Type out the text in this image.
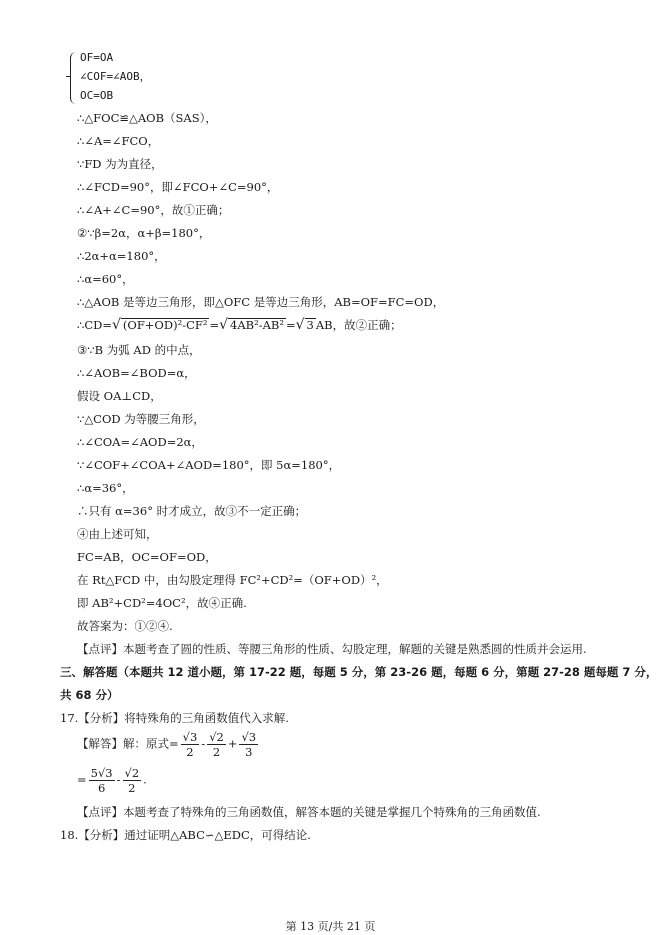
OF=OA
∠COF=∠AOB，
OC=OB
∴△FOC≌△AOB（SAS），
∴∠A=∠FCO，
∵FD 为为直径，
∴∠FCD=90°，即∠FCO+∠C=90°，
∴∠A+∠C=90°，故①正确；
②∵β=2α，α+β=180°，
∴2α+α=180°，
∴α=60°，
∴△AOB 是等边三角形，即△OFC 是等边三角形，AB=OF=FC=OD，
∴CD=√ (OF+OD)²-CF² =√ 4AB²-AB² =√ 3 AB，故②正确；
③∵B 为弧 AD 的中点，
∴∠AOB=∠BOD=α，
假设 OA⊥CD，
∵△COD 为等腰三角形，
∴∠COA=∠AOD=2α，
∵∠COF+∠COA+∠AOD=180°，即 5α=180°，
∴α=36°，
∴只有 α=36° 时才成立，故③不一定正确；
④由上述可知，
FC=AB，OC=OF=OD，
在 Rt△FCD 中，由勾股定理得 FC²+CD²=（OF+OD）²，
即 AB²+CD²=4OC²，故④正确.
故答案为：①②④.
【点评】本题考查了圆的性质、等腰三角形的性质、勾股定理，解题的关键是熟悉圆的性质并会运用.
三、解答题（本题共 12 道小题，第 17-22 题，每题 5 分，第 23-26 题，每题 6 分，第题 27-28 题每题 7 分，
共 68 分）
17.【分析】将特殊角的三角函数值代入求解.
【解答】解：原式= $\frac{√3}{2} - \frac{√2}{2} + \frac{√3}{3}$
= $\frac{5√3}{6} - \frac{√2}{2}$ .
【点评】本题考查了特殊角的三角函数值，解答本题的关键是掌握几个特殊角的三角函数值.
18.【分析】通过证明△ABC∽△EDC，可得结论.
第 13 页/共 21 页
